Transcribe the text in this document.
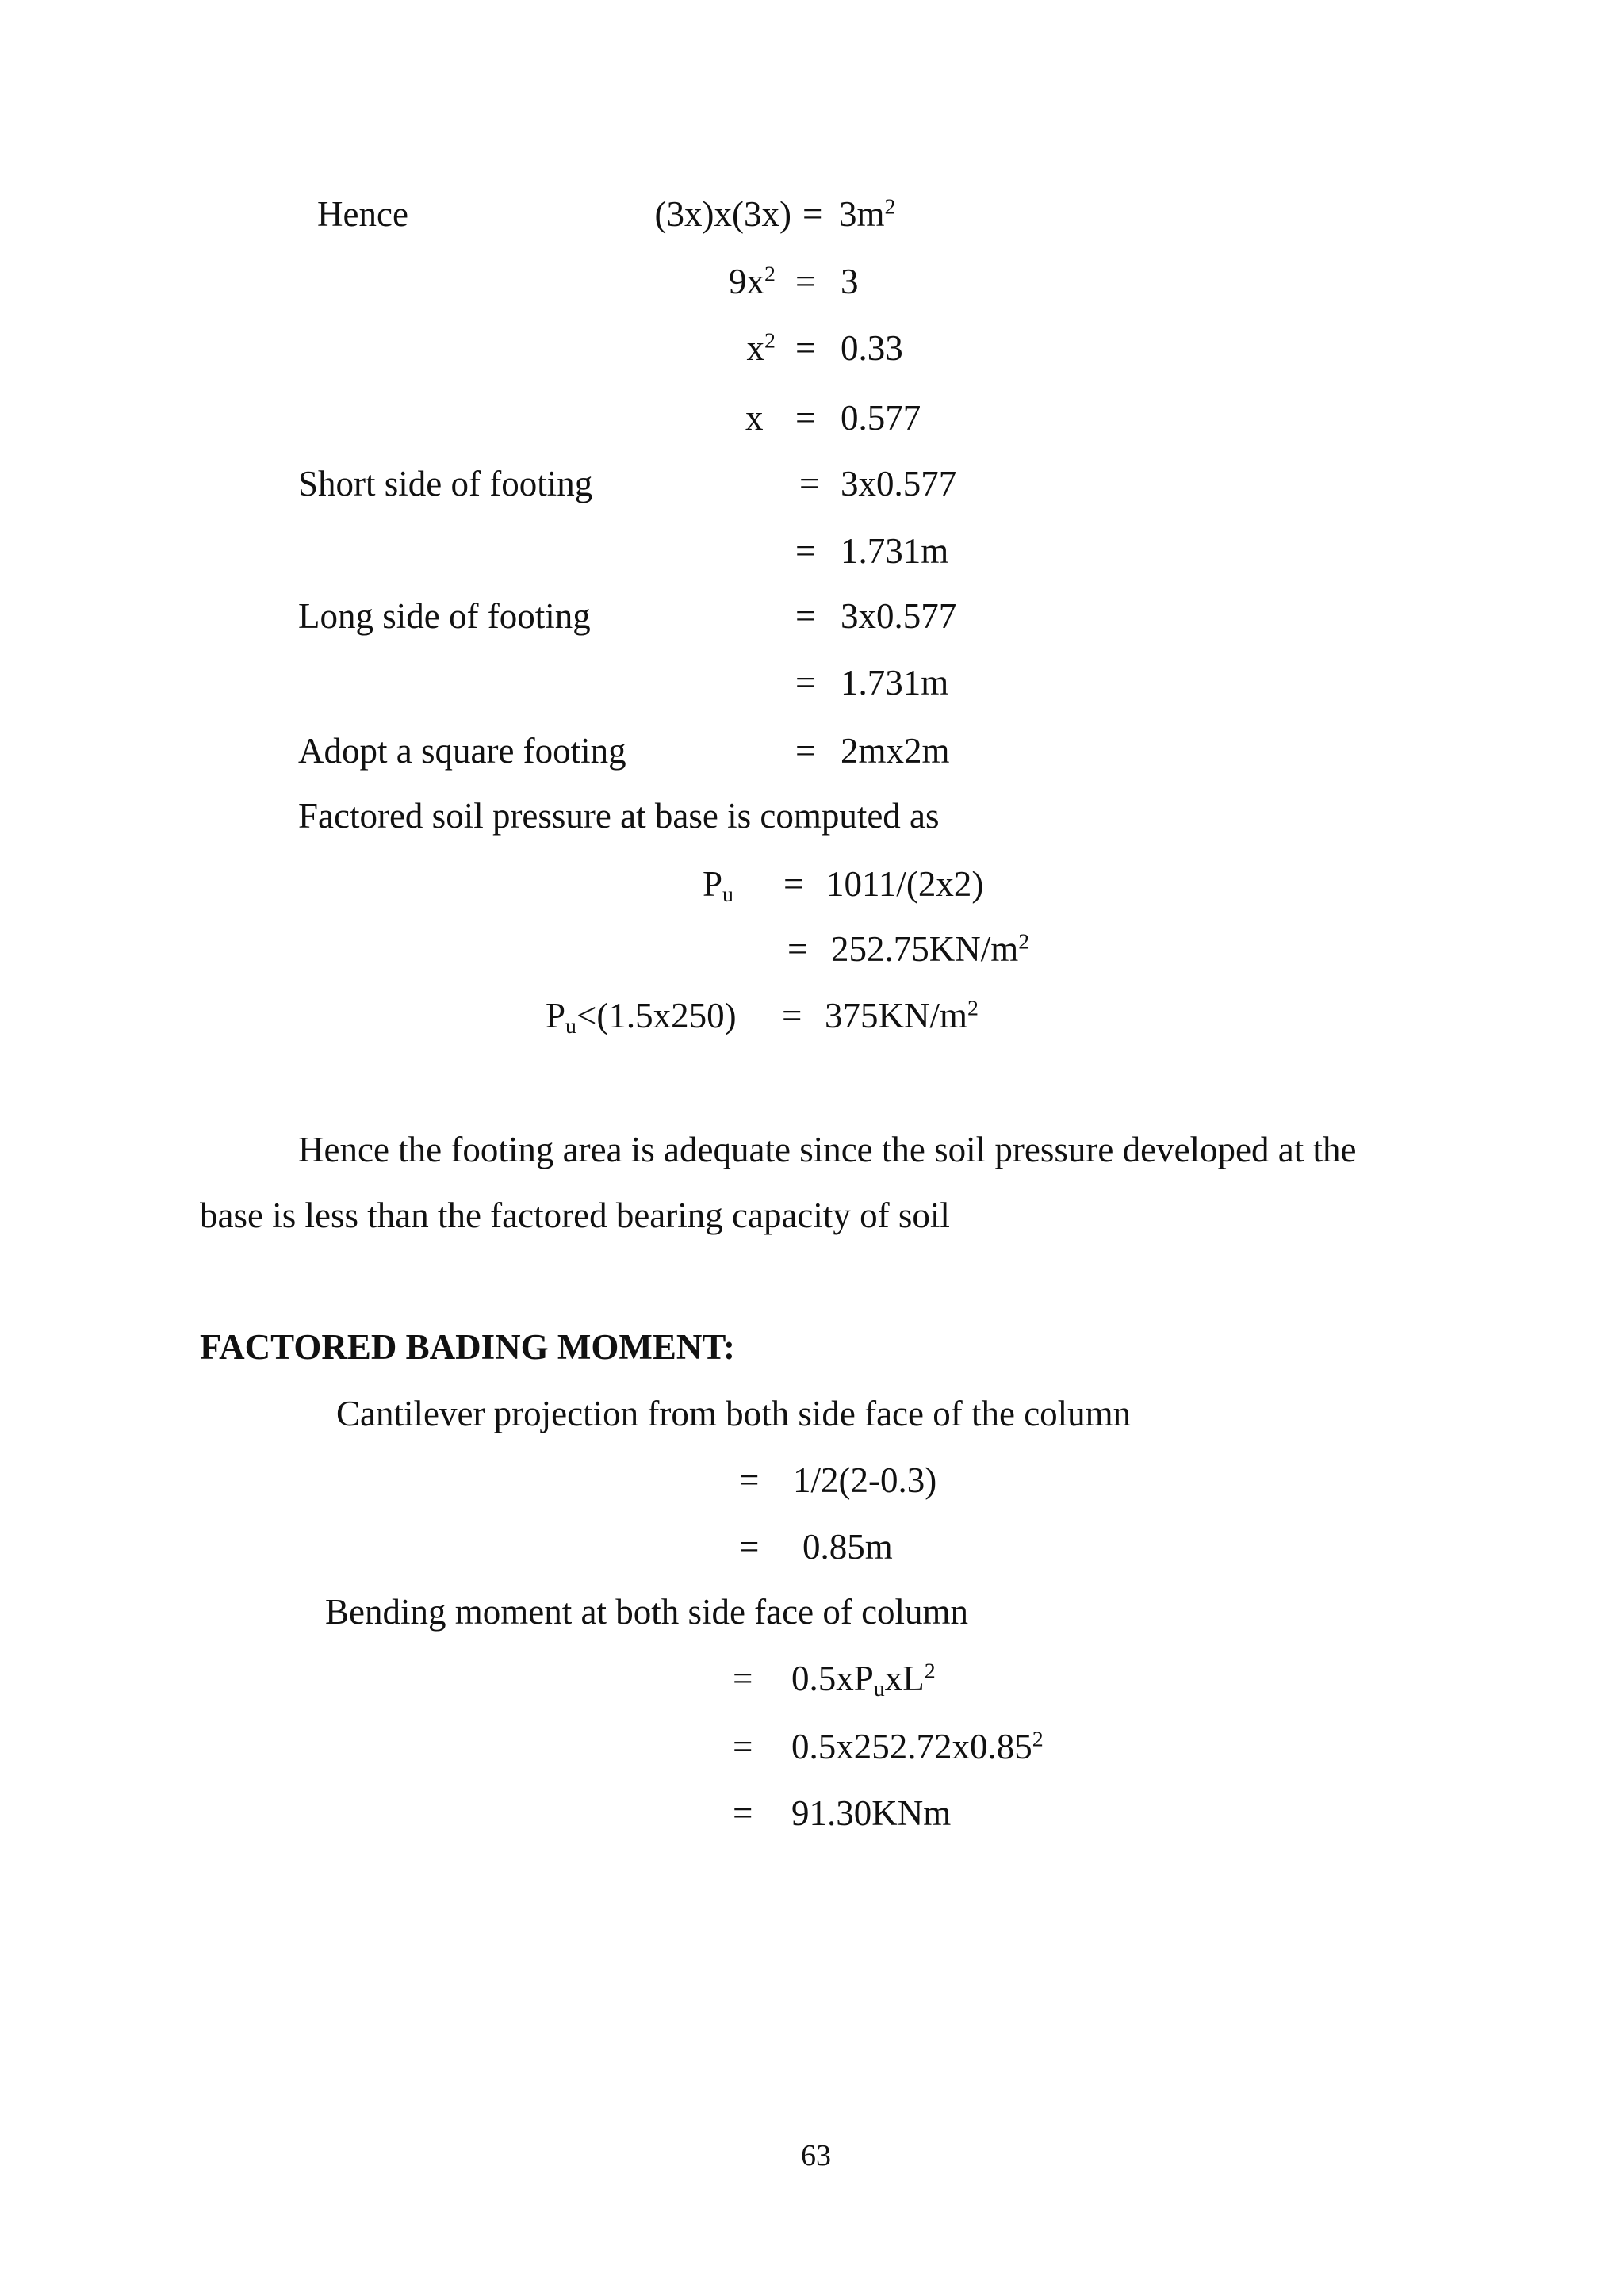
Hence	$(3x)x(3x) = 3m^2$
$9x^2 = 3$
$x^2 = 0.33$
x = 0.577
Short side of footing	= 3x0.577
= 1.731m
Long side of footing	= 3x0.577
= 1.731m
Adopt a square footing	= 2mx2m
Factored soil pressure at base is computed as
$P_u = 1011/(2x2)$
= $252.75KN/m^2$
$P_u<(1.5x250) = 375KN/m^2$
Hence the footing area is adequate since the soil pressure developed at the
base is less than the factored bearing capacity of soil
FACTORED BADING MOMENT:
Cantilever projection from both side face of the column
= 1/2(2-0.3)
= 0.85m
Bending moment at both side face of column
= $0.5xP_uxL^2$
= $0.5x252.72x0.85^2$
= 91.30KNm
63
